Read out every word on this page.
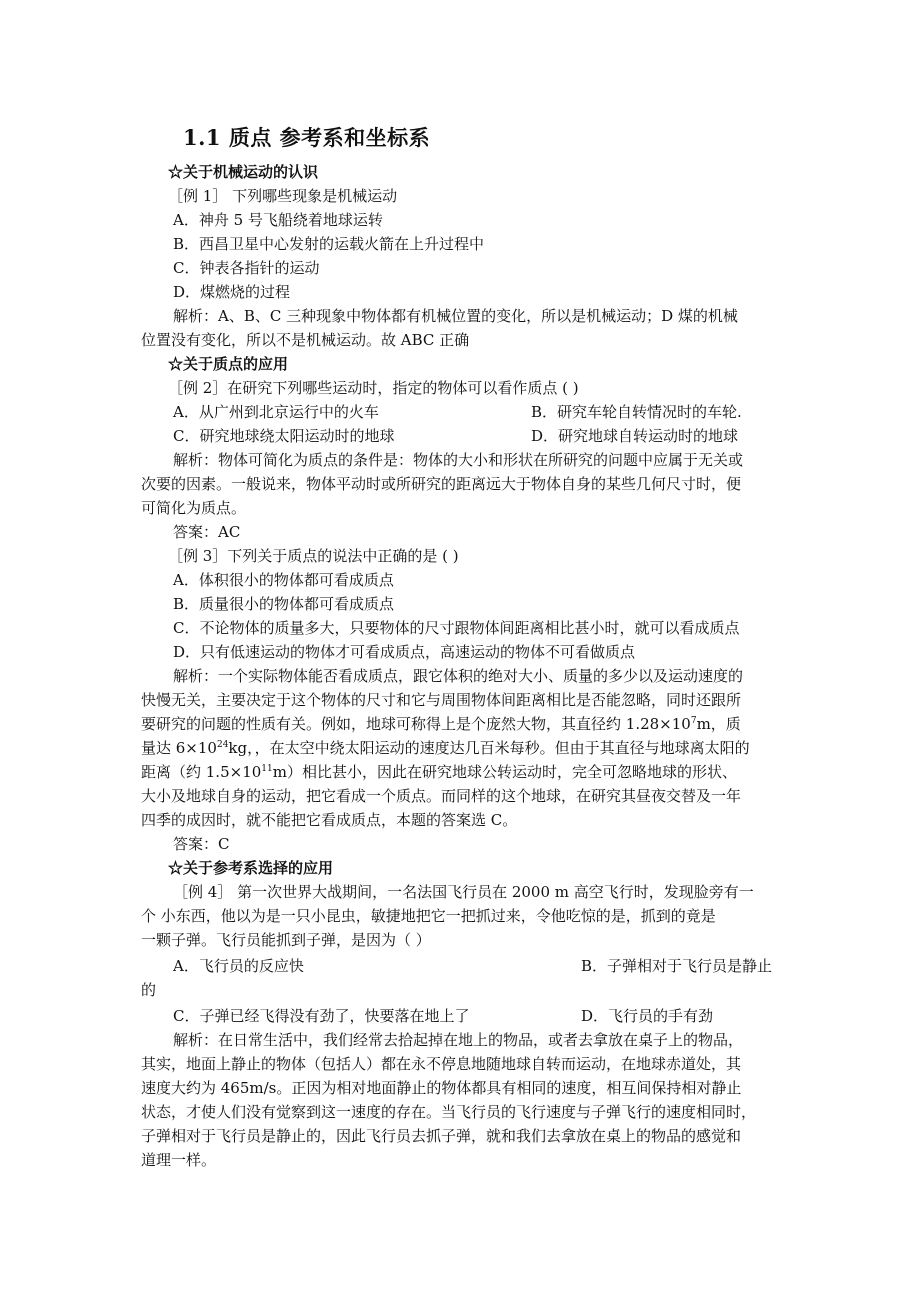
1.1 质点 参考系和坐标系
☆关于机械运动的认识
［例 1］ 下列哪些现象是机械运动
A．神舟 5 号飞船绕着地球运转
B．西昌卫星中心发射的运载火箭在上升过程中
C．钟表各指针的运动
D．煤燃烧的过程
解析：A、B、C 三种现象中物体都有机械位置的变化，所以是机械运动；D 煤的机械
位置没有变化，所以不是机械运动。故 ABC 正确
☆关于质点的应用
［例 2］在研究下列哪些运动时，指定的物体可以看作质点 ( )
A．从广州到北京运行中的火车	B．研究车轮自转情况时的车轮.
C．研究地球绕太阳运动时的地球	D．研究地球自转运动时的地球
解析：物体可简化为质点的条件是：物体的大小和形状在所研究的问题中应属于无关或
次要的因素。一般说来，物体平动时或所研究的距离远大于物体自身的某些几何尺寸时，便
可简化为质点。
答案：AC
［例 3］下列关于质点的说法中正确的是 ( )
A．体积很小的物体都可看成质点
B．质量很小的物体都可看成质点
C．不论物体的质量多大，只要物体的尺寸跟物体间距离相比甚小时，就可以看成质点
D．只有低速运动的物体才可看成质点，高速运动的物体不可看做质点
解析：一个实际物体能否看成质点，跟它体积的绝对大小、质量的多少以及运动速度的
快慢无关，主要决定于这个物体的尺寸和它与周围物体间距离相比是否能忽略，同时还跟所
要研究的问题的性质有关。例如，地球可称得上是个庞然大物，其直径约 $1.28\times 10^7m$，质
量达 $6\times 10^{24}kg$，，在太空中绕太阳运动的速度达几百米每秒。但由于其直径与地球离太阳的
距离（约 $1.5\times 10^{11}m$）相比甚小，因此在研究地球公转运动时，完全可忽略地球的形状、
大小及地球自身的运动，把它看成一个质点。而同样的这个地球，在研究其昼夜交替及一年
四季的成因时，就不能把它看成质点，本题的答案选 C。
答案：C
☆关于参考系选择的应用
［例 4］ 第一次世界大战期间，一名法国飞行员在 2000 m 高空飞行时，发现脸旁有一
个 小东西，他以为是一只小昆虫，敏捷地把它一把抓过来，令他吃惊的是，抓到的竟是
一颗子弹。飞行员能抓到子弹，是因为（ ）
A．飞行员的反应快	B．子弹相对于飞行员是静止
的
C．子弹已经飞得没有劲了，快要落在地上了	D．飞行员的手有劲
解析：在日常生活中，我们经常去拾起掉在地上的物品，或者去拿放在桌子上的物品，
其实，地面上静止的物体（包括人）都在永不停息地随地球自转而运动，在地球赤道处，其
速度大约为 465m/s。正因为相对地面静止的物体都具有相同的速度，相互间保持相对静止
状态，才使人们没有觉察到这一速度的存在。当飞行员的飞行速度与子弹飞行的速度相同时，
子弹相对于飞行员是静止的，因此飞行员去抓子弹，就和我们去拿放在桌上的物品的感觉和
道理一样。
